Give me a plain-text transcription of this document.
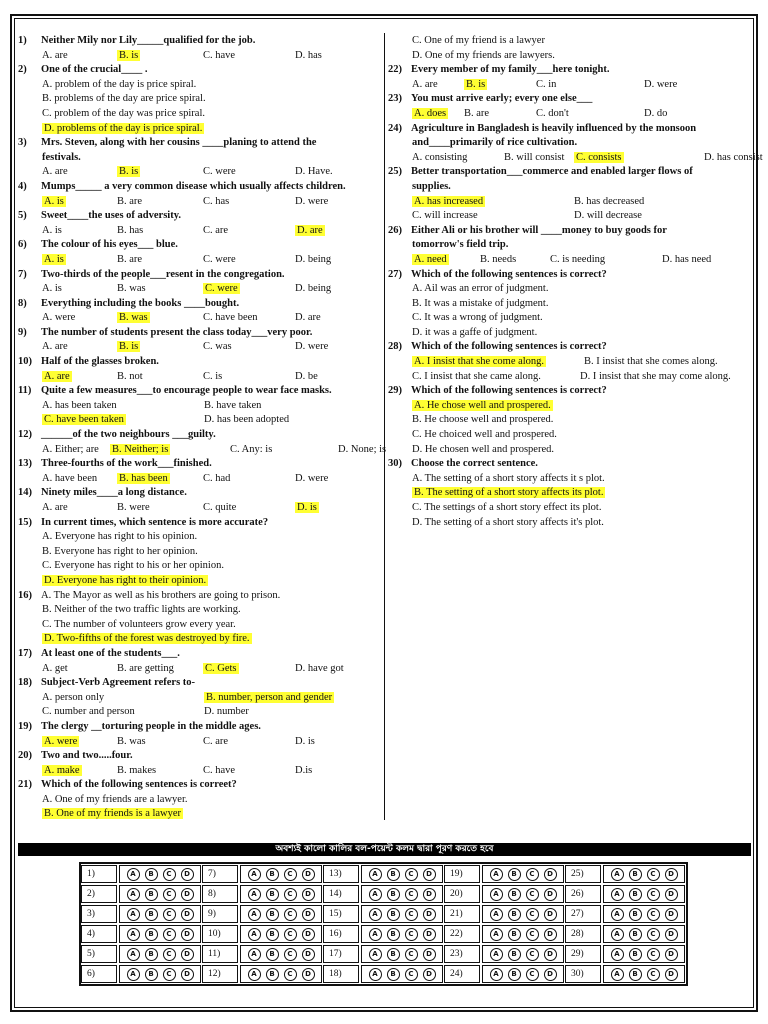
1)	Neither Mily nor Lily_____qualified for the job.
A. are	B. is	C. have	D. has
2)	One of the crucial____ .
A. problem of the day is price spiral.
B. problems of the day are price spiral.
C. problem of the day was price spiral.
D. problems of the day is price spiral.
3)	Mrs. Steven, along with her cousins ____planing to attend the
festivals.
A. are	B. is	C. were	D. Have.
4)	Mumps_____ a very common disease which usually affects children.
A. is	B. are	C. has	D. were
5)	Sweet____the uses of adversity.
A. is	B. has	C. are	D. are
6)	The colour of his eyes___ blue.
A. is	B. are	C. were	D. being
7)	Two-thirds of the people___resent in the congregation.
A. is	B. was	C. were	D. being
8)	Everything including the books ____bought.
A. were	B. was	C. have been	D. are
9)	The number of students present the class today___very poor.
A. are	B. is	C. was	D. were
10) Half of the glasses broken.
A. are	B. not	C. is	D. be
11) Quite a few measures___to encourage people to wear face masks.
A. has been taken	B. have taken
C. have been taken	D. has been adopted
12) ______of the two neighbours ___guilty.
A. Either; are	B. Neither; is	C. Any: is	D. None; is
13) Three-fourths of the work___finished.
A. have been	B. has been	C. had	D. were
14) Ninety miles____a long distance.
A. are	B. were	C. quite	D. is
15) In current times, which sentence is more accurate?
A. Everyone has right to his opinion.
B. Everyone has right to her opinion.
C. Everyone has right to his or her opinion.
D. Everyone has right to their opinion.
16) A. The Mayor as well as his brothers are going to prison.
B. Neither of the two traffic lights are working.
C. The number of volunteers grow every year.
D. Two-fifths of the forest was destroyed by fire.
17) At least one of the students___.
A. get	B. are getting	C. Gets	D. have got
18) Subject-Verb Agreement refers to-
A. person only	B. number, person and gender
C. number and person	D. number
19) The clergy __torturing people in the middle ages.
A. were	B. was	C. are	D. is
20) Two and two.....four.
A. make	B. makes	C. have	D.is
21) Which of the following sentences is correet?
A. One of my friends are a lawyer.
B. One of my friends is a lawyer
C. One of my friend is a lawyer
D. One of my friends are lawyers.
22) Every member of my family___here tonight.
A. are	B. is	C. in	D. were
23) You must arrive early; every one else___
A. does	B. are	C. don't	D. do
24) Agriculture in Bangladesh is heavily influenced by the monsoon
and____primarily of rice cultivation.
A. consisting	B. will consist	C. consists	D. has consist
25) Better transportation___commerce and enabled larger flows of
supplies.
A. has increased	B. has decreased
C. will increase	D. will decrease
26) Either Ali or his brother will ____money to buy goods for
tomorrow's field trip.
A. need	B. needs	C. is needing	D. has need
27) Which of the following sentences is correct?
A. Ail was an error of judgment.
B. It was a mistake of judgment.
C. It was a wrong of judgment.
D. it was a gaffe of judgment.
28) Which of the following sentences is correct?
A. I insist that she come along.	B. I insist that she comes along.
C. I insist that she came along.	D. I insist that she may come along.
29) Which of the following sentences is correct?
A. He chose well and prospered.
B. He choose well and prospered.
C. He choiced well and prospered.
D. He chosen well and prospered.
30) Choose the correct sentence.
A. The setting of a short story affects it s plot.
B. The setting of a short story affects its plot.
C. The settings of a short story effect its plot.
D. The setting of a short story affects it's plot.
অবশ্যই কালো কালির বল-পয়েন্ট কলম দ্বারা পূরণ করতে হবে
1)	A	B	C	D	7)	A	B	C	D	13)	A	B	C	D	19)	A	B	C	D	25)	A	B	C	D
2)	A	B	C	D	8)	A	B	C	D	14)	A	B	C	D	20)	A	B	C	D	26)	A	B	C	D
3)	A	B	C	D	9)	A	B	C	D	15)	A	B	C	D	21)	A	B	C	D	27)	A	B	C	D
4)	A	B	C	D	10)	A	B	C	D	16)	A	B	C	D	22)	A	B	C	D	28)	A	B	C	D
5)	A	B	C	D	11)	A	B	C	D	17)	A	B	C	D	23)	A	B	C	D	29)	A	B	C	D
6)	A	B	C	D	12)	A	B	C	D	18)	A	B	C	D	24)	A	B	C	D	30)	A	B	C	D
